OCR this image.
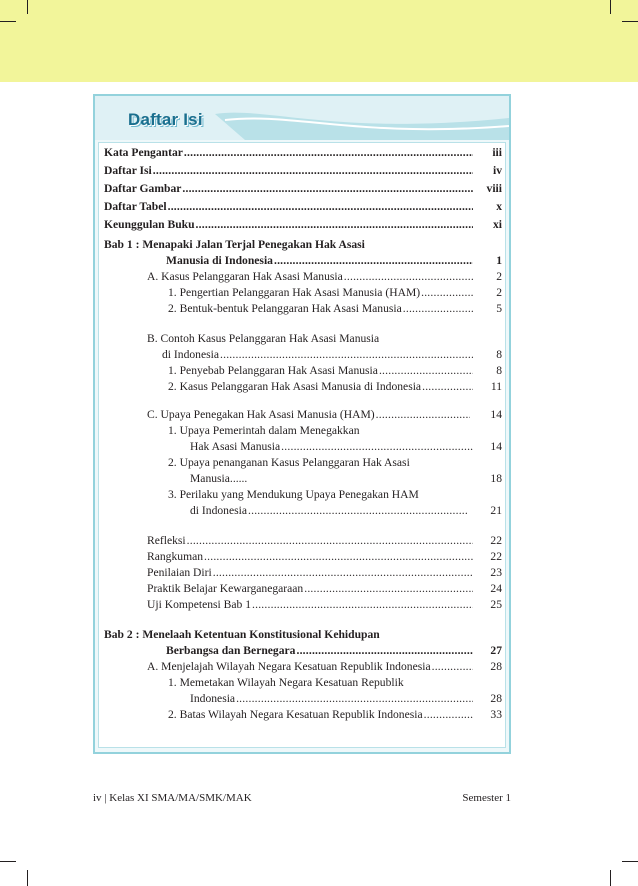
Daftar Isi
Kata Pengantar .....	iii
Daftar Isi .....	iv
Daftar Gambar .....	viii
Daftar Tabel .....	x
Keunggulan Buku .....	xi
Bab 1 : Menapaki Jalan Terjal Penegakan Hak Asasi
Manusia di Indonesia .....	1
A. Kasus Pelanggaran Hak Asasi Manusia .....	2
1. Pengertian Pelanggaran Hak Asasi Manusia (HAM) .....	2
2. Bentuk-bentuk Pelanggaran Hak Asasi Manusia .....	5
B. Contoh Kasus Pelanggaran Hak Asasi Manusia
di Indonesia .....	8
1. Penyebab Pelanggaran Hak Asasi Manusia .....	8
2. Kasus Pelanggaran Hak Asasi Manusia di Indonesia .....	11
C. Upaya Penegakan Hak Asasi Manusia (HAM) .....	14
1. Upaya Pemerintah dalam Menegakkan
Hak Asasi Manusia .....	14
2. Upaya penanganan Kasus Pelanggaran Hak Asasi
Manusia......	18
3. Perilaku yang Mendukung Upaya Penegakan HAM
di Indonesia .....	21
Refleksi .....	22
Rangkuman .....	22
Penilaian Diri .....	23
Praktik Belajar Kewarganegaraan .....	24
Uji Kompetensi Bab 1 .....	25
Bab 2 : Menelaah Ketentuan Konstitusional Kehidupan
Berbangsa dan Bernegara .....	27
A. Menjelajah Wilayah Negara Kesatuan Republik Indonesia .....	28
1. Memetakan Wilayah Negara Kesatuan Republik
Indonesia .....	28
2. Batas Wilayah Negara Kesatuan Republik Indonesia .....	33
iv | Kelas XI SMA/MA/SMK/MAK	Semester 1
